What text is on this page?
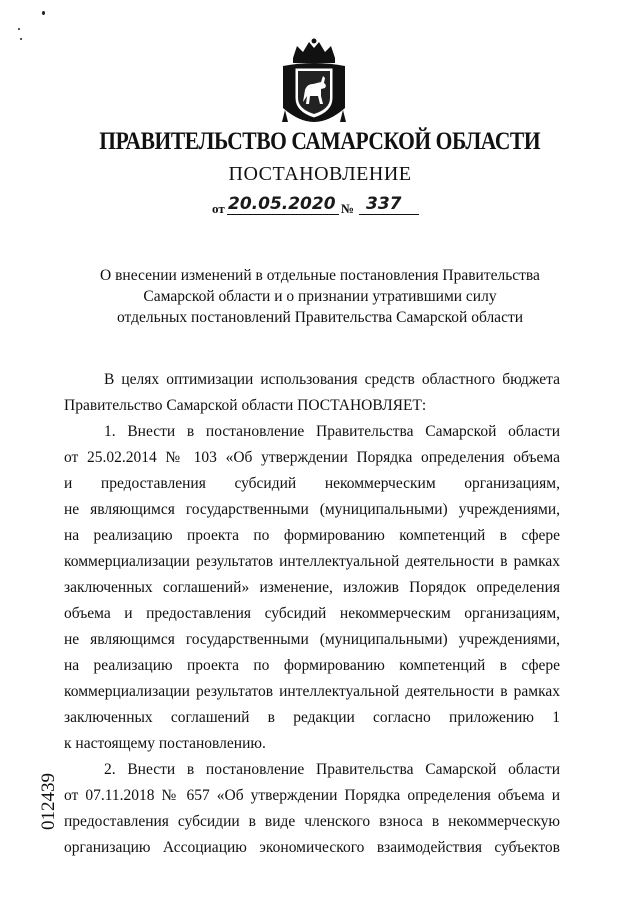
ПРАВИТЕЛЬСТВО САМАРСКОЙ ОБЛАСТИ
ПОСТАНОВЛЕНИЕ
от 20.05.2020 № 337
О внесении изменений в отдельные постановления Правительства
Самарской области и о признании утратившими силу
отдельных постановлений Правительства Самарской области
В целях оптимизации использования средств областного бюджета
Правительство Самарской области ПОСТАНОВЛЯЕТ:
1. Внести в постановление Правительства Самарской области
от 25.02.2014 № 103 «Об утверждении Порядка определения объема
и предоставления субсидий некоммерческим организациям,
не являющимся государственными (муниципальными) учреждениями,
на реализацию проекта по формированию компетенций в сфере
коммерциализации результатов интеллектуальной деятельности в рамках
заключенных соглашений» изменение, изложив Порядок определения
объема и предоставления субсидий некоммерческим организациям,
не являющимся государственными (муниципальными) учреждениями,
на реализацию проекта по формированию компетенций в сфере
коммерциализации результатов интеллектуальной деятельности в рамках
заключенных соглашений в редакции согласно приложению 1
к настоящему постановлению.
2. Внести в постановление Правительства Самарской области
от 07.11.2018 № 657 «Об утверждении Порядка определения объема и
предоставления субсидии в виде членского взноса в некоммерческую
организацию Ассоциацию экономического взаимодействия субъектов
012439
